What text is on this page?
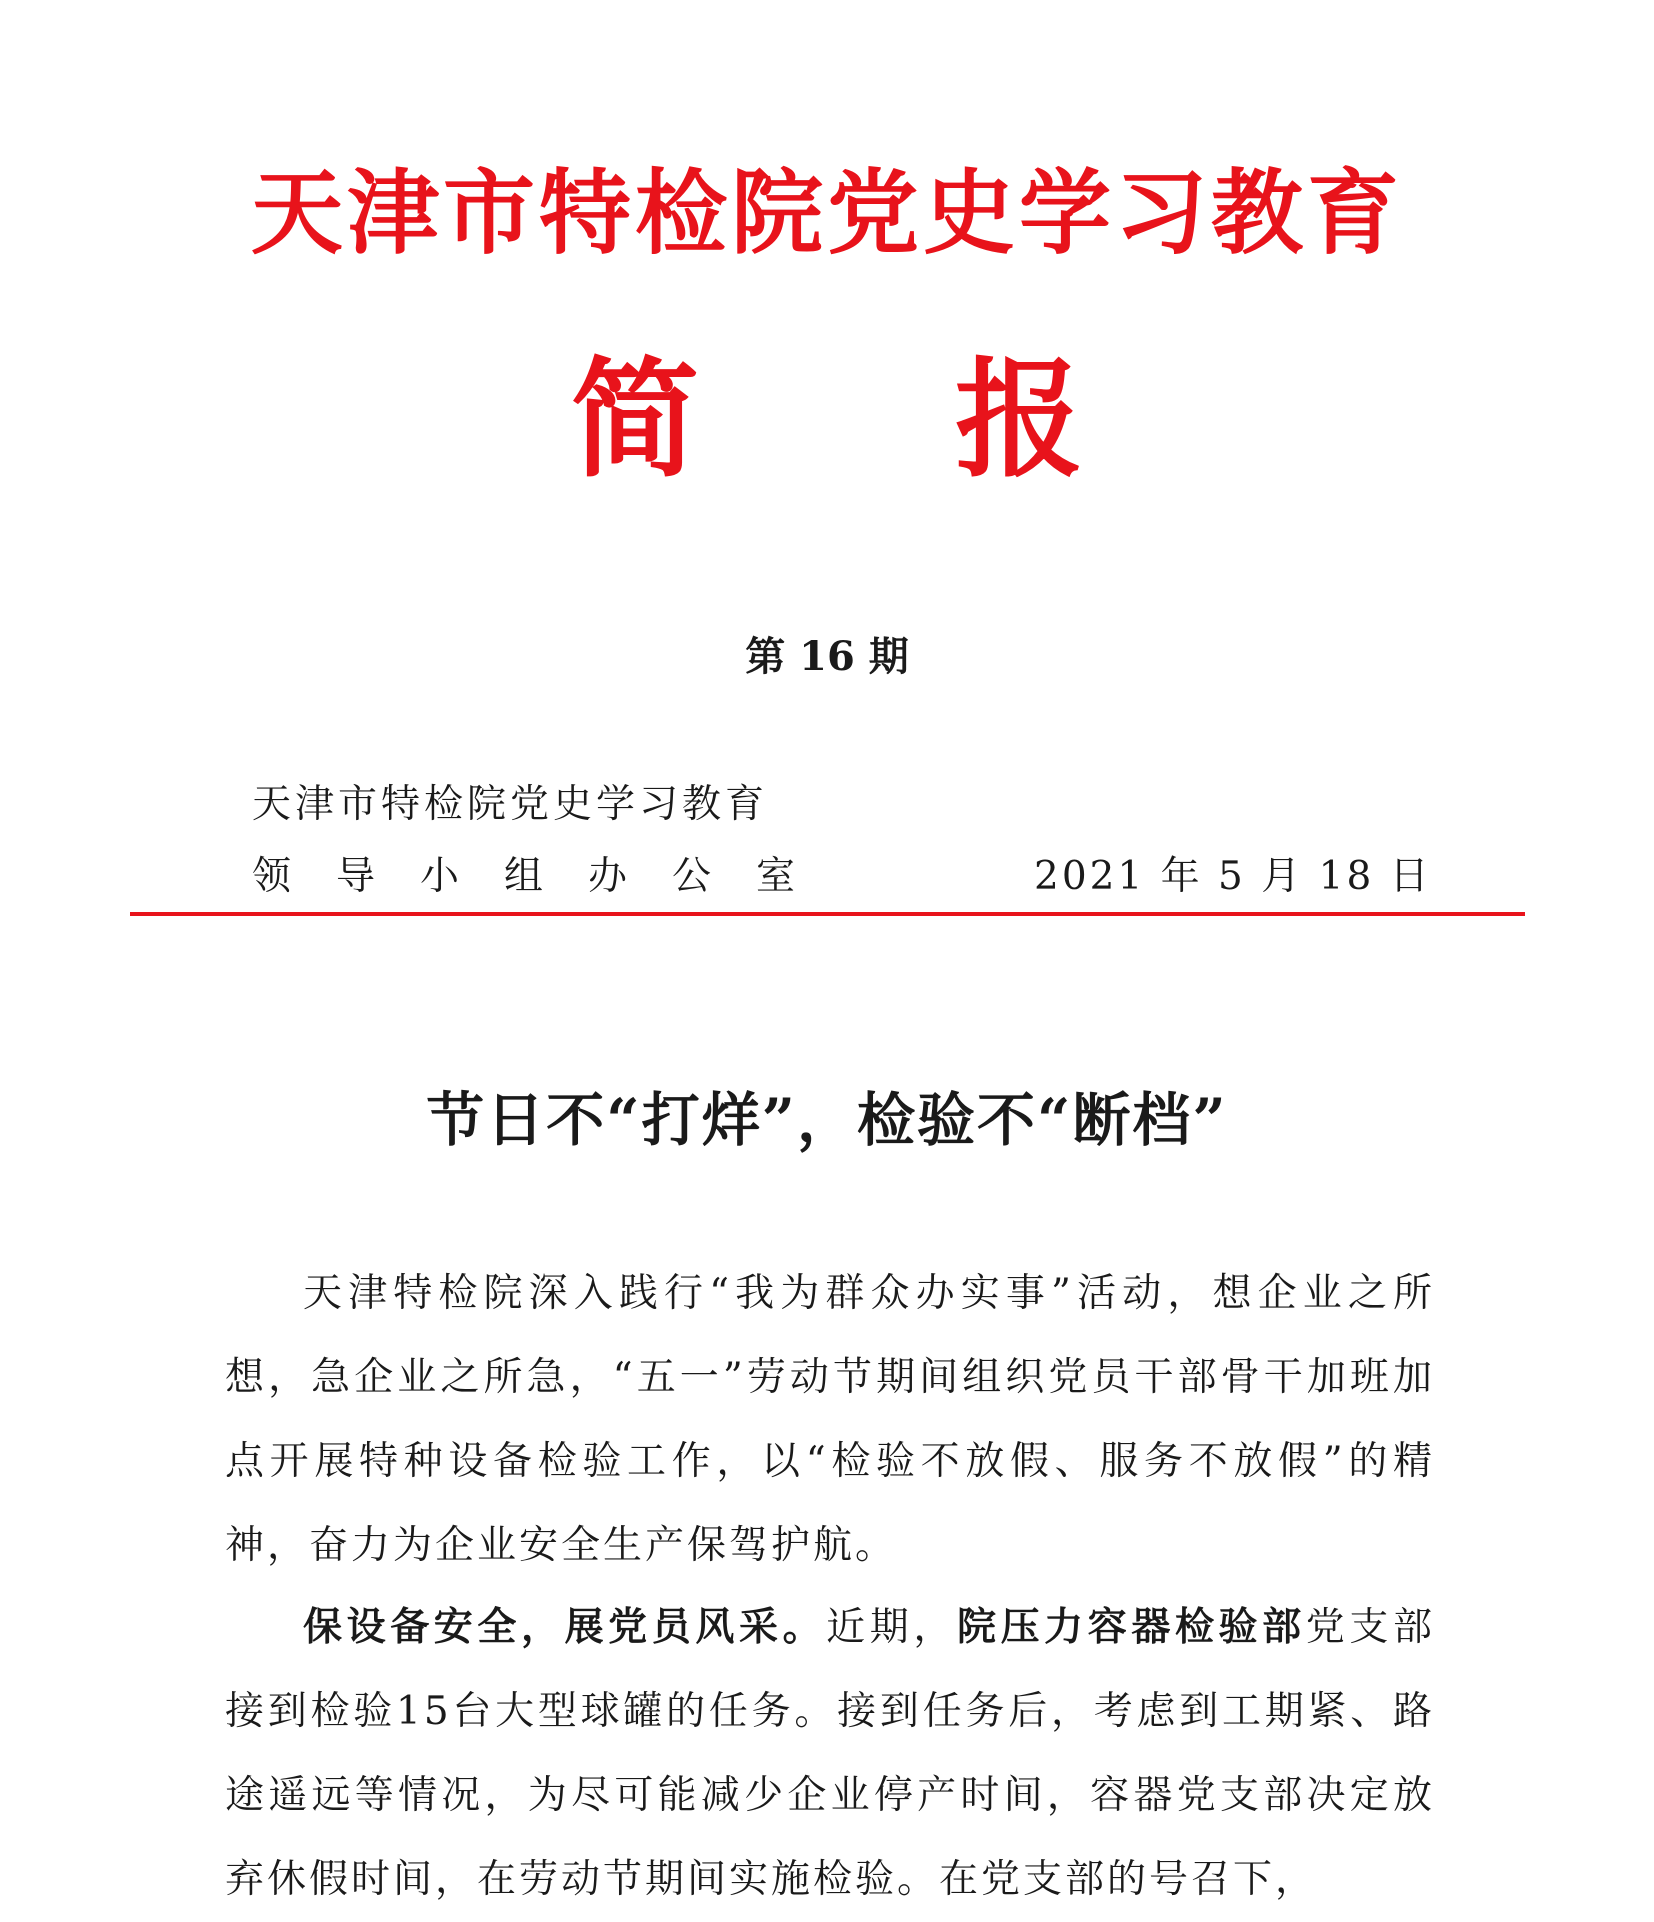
天津市特检院党史学习教育
简　　报
第 16 期
天津市特检院党史学习教育
领导小组办公室	2021 年 5 月 18 日
节日不“打烊”，检验不“断档”

天津特检院深入践行“我为群众办实事”活动，想企业之所想，急企业之所急，“五一”劳动节期间组织党员干部骨干加班加点开展特种设备检验工作，以“检验不放假、服务不放假”的精神，奋力为企业安全生产保驾护航。

保设备安全，展党员风采。近期，院压力容器检验部党支部接到检验15台大型球罐的任务。接到任务后，考虑到工期紧、路途遥远等情况，为尽可能减少企业停产时间，容器党支部决定放弃休假时间，在劳动节期间实施检验。在党支部的号召下，
